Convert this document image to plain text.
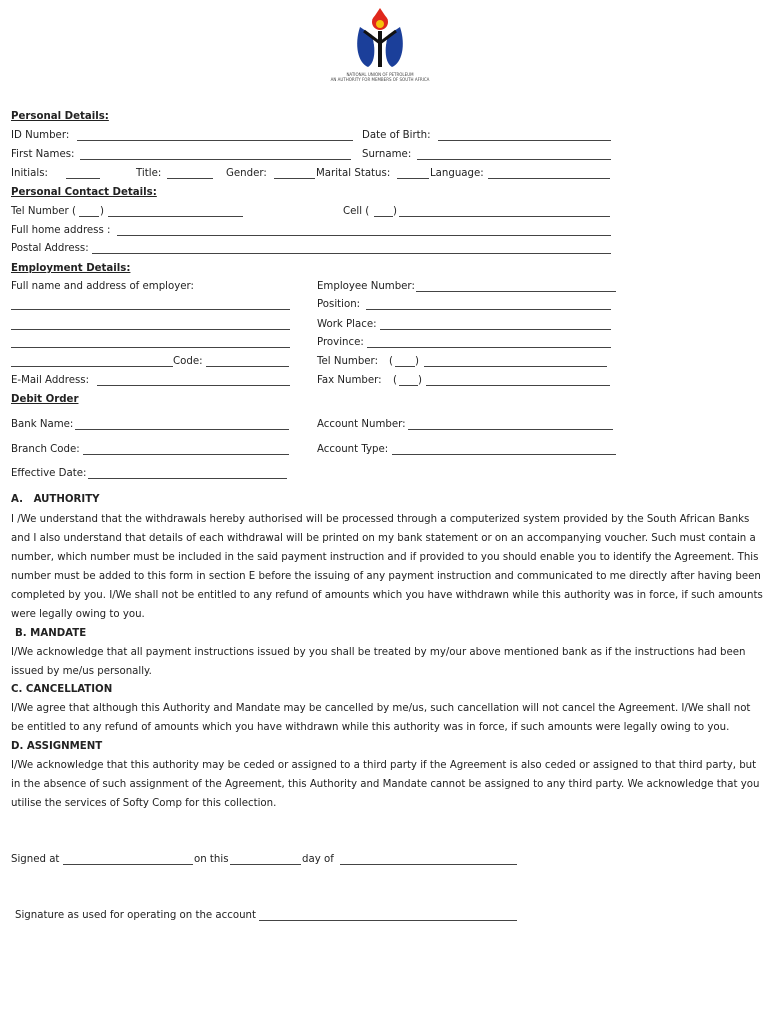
NATIONAL UNION OF PETROLEUM
AN AUTHORITY FOR MEMBERS OF SOUTH AFRICA
Personal Details:
ID Number:	Date of Birth:
First Names:	Surname:
Initials:	Title:	Gender:	Marital Status:	Language:
Personal Contact Details:
Tel Number ( )	Cell ( )
Full home address :
Postal Address:
Employment Details:
Full name and address of employer:	Employee Number:
Position:
Work Place:
Province:
Code:	Tel Number: ( )
E-Mail Address:	Fax Number: ( )
Debit Order
Bank Name:	Account Number:
Branch Code:	Account Type:
Effective Date:
A.   AUTHORITY
I /We understand that the withdrawals hereby authorised will be processed through a computerized system provided by the South African Banks and I also understand that details of each withdrawal will be printed on my bank statement or on an accompanying voucher. Such must contain a number, which number must be included in the said payment instruction and if provided to you should enable you to identify the Agreement. This number must be added to this form in section E before the issuing of any payment instruction and communicated to me directly after having been completed by you. I/We shall not be entitled to any refund of amounts which you have withdrawn while this authority was in force, if such amounts were legally owing to you.
B. MANDATE
I/We acknowledge that all payment instructions issued by you shall be treated by my/our above mentioned bank as if the instructions had been issued by me/us personally.
C. CANCELLATION
I/We agree that although this Authority and Mandate may be cancelled by me/us, such cancellation will not cancel the Agreement. I/We shall not be entitled to any refund of amounts which you have withdrawn while this authority was in force, if such amounts were legally owing to you.
D. ASSIGNMENT
I/We acknowledge that this authority may be ceded or assigned to a third party if the Agreement is also ceded or assigned to that third party, but in the absence of such assignment of the Agreement, this Authority and Mandate cannot be assigned to any third party. We acknowledge that you utilise the services of Softy Comp for this collection.
Signed at	on this	day of
Signature as used for operating on the account
